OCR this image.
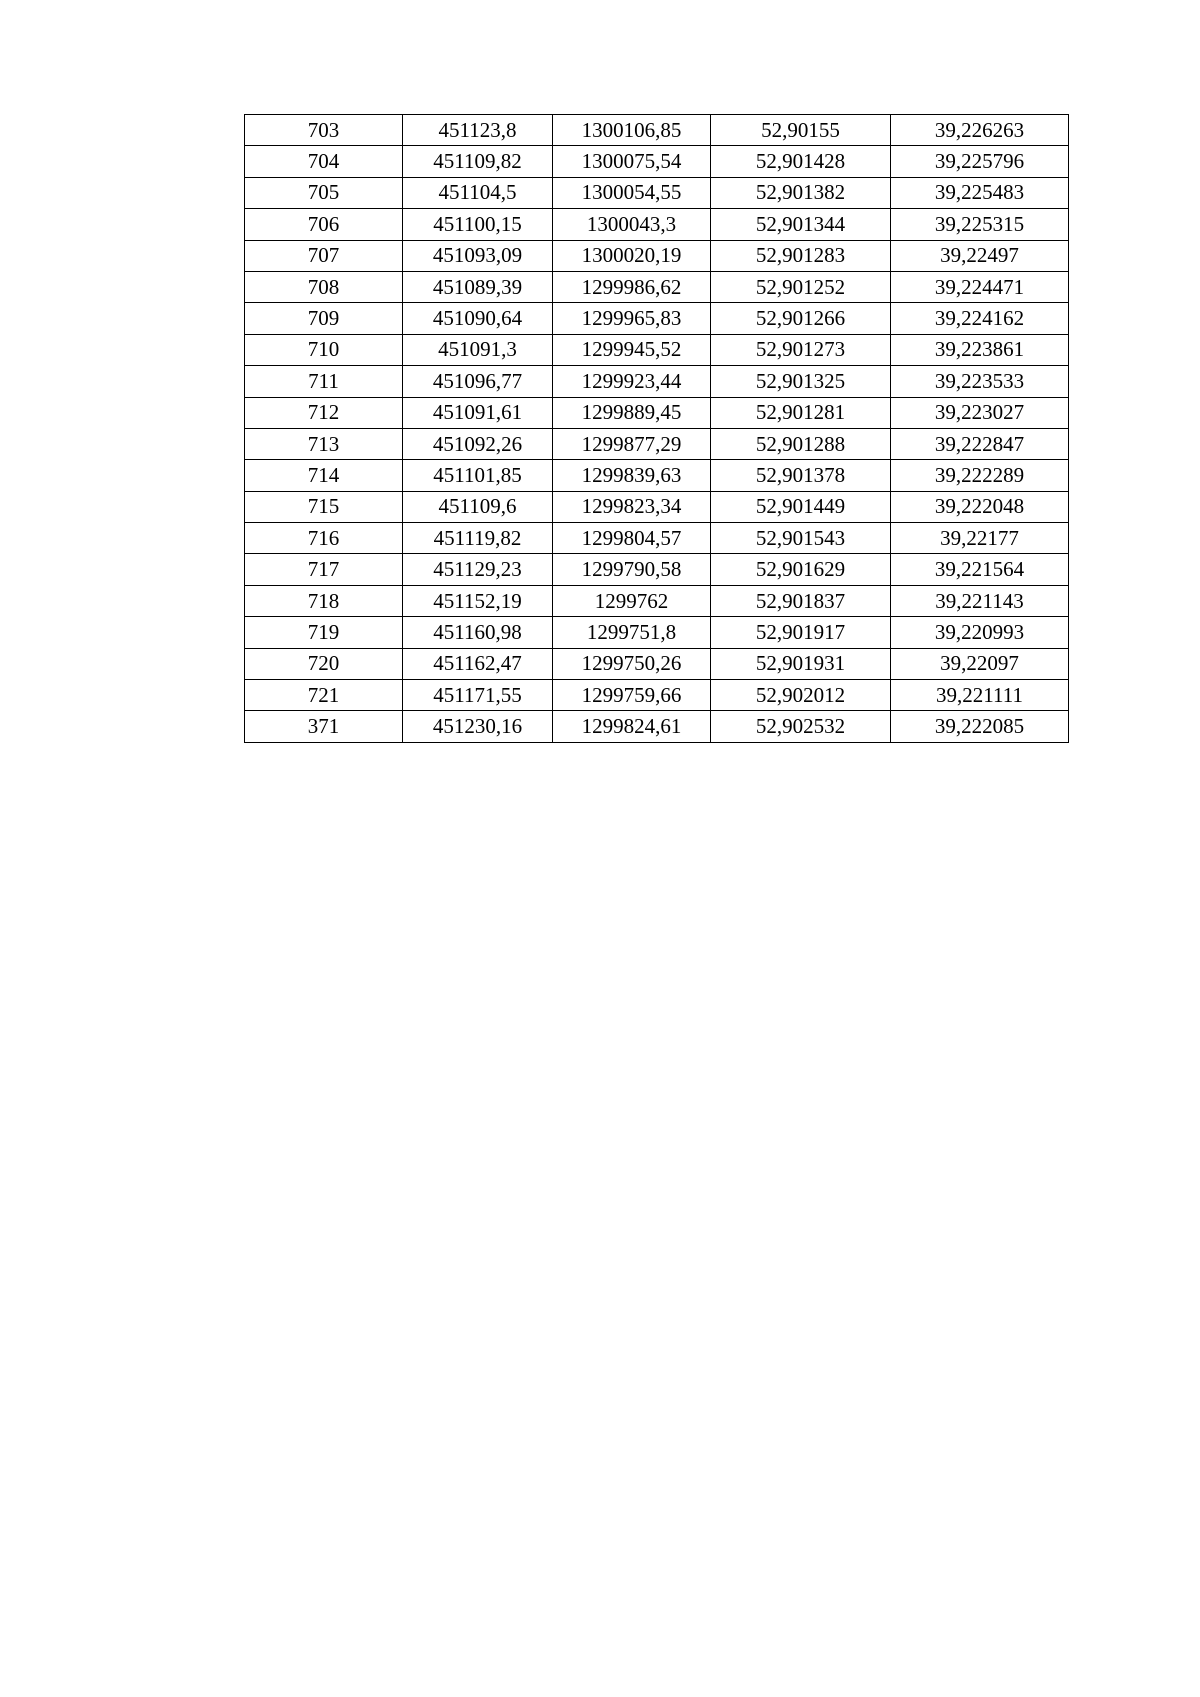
703	451123,8	1300106,85	52,90155	39,226263
704	451109,82	1300075,54	52,901428	39,225796
705	451104,5	1300054,55	52,901382	39,225483
706	451100,15	1300043,3	52,901344	39,225315
707	451093,09	1300020,19	52,901283	39,22497
708	451089,39	1299986,62	52,901252	39,224471
709	451090,64	1299965,83	52,901266	39,224162
710	451091,3	1299945,52	52,901273	39,223861
711	451096,77	1299923,44	52,901325	39,223533
712	451091,61	1299889,45	52,901281	39,223027
713	451092,26	1299877,29	52,901288	39,222847
714	451101,85	1299839,63	52,901378	39,222289
715	451109,6	1299823,34	52,901449	39,222048
716	451119,82	1299804,57	52,901543	39,22177
717	451129,23	1299790,58	52,901629	39,221564
718	451152,19	1299762	52,901837	39,221143
719	451160,98	1299751,8	52,901917	39,220993
720	451162,47	1299750,26	52,901931	39,22097
721	451171,55	1299759,66	52,902012	39,221111
371	451230,16	1299824,61	52,902532	39,222085
